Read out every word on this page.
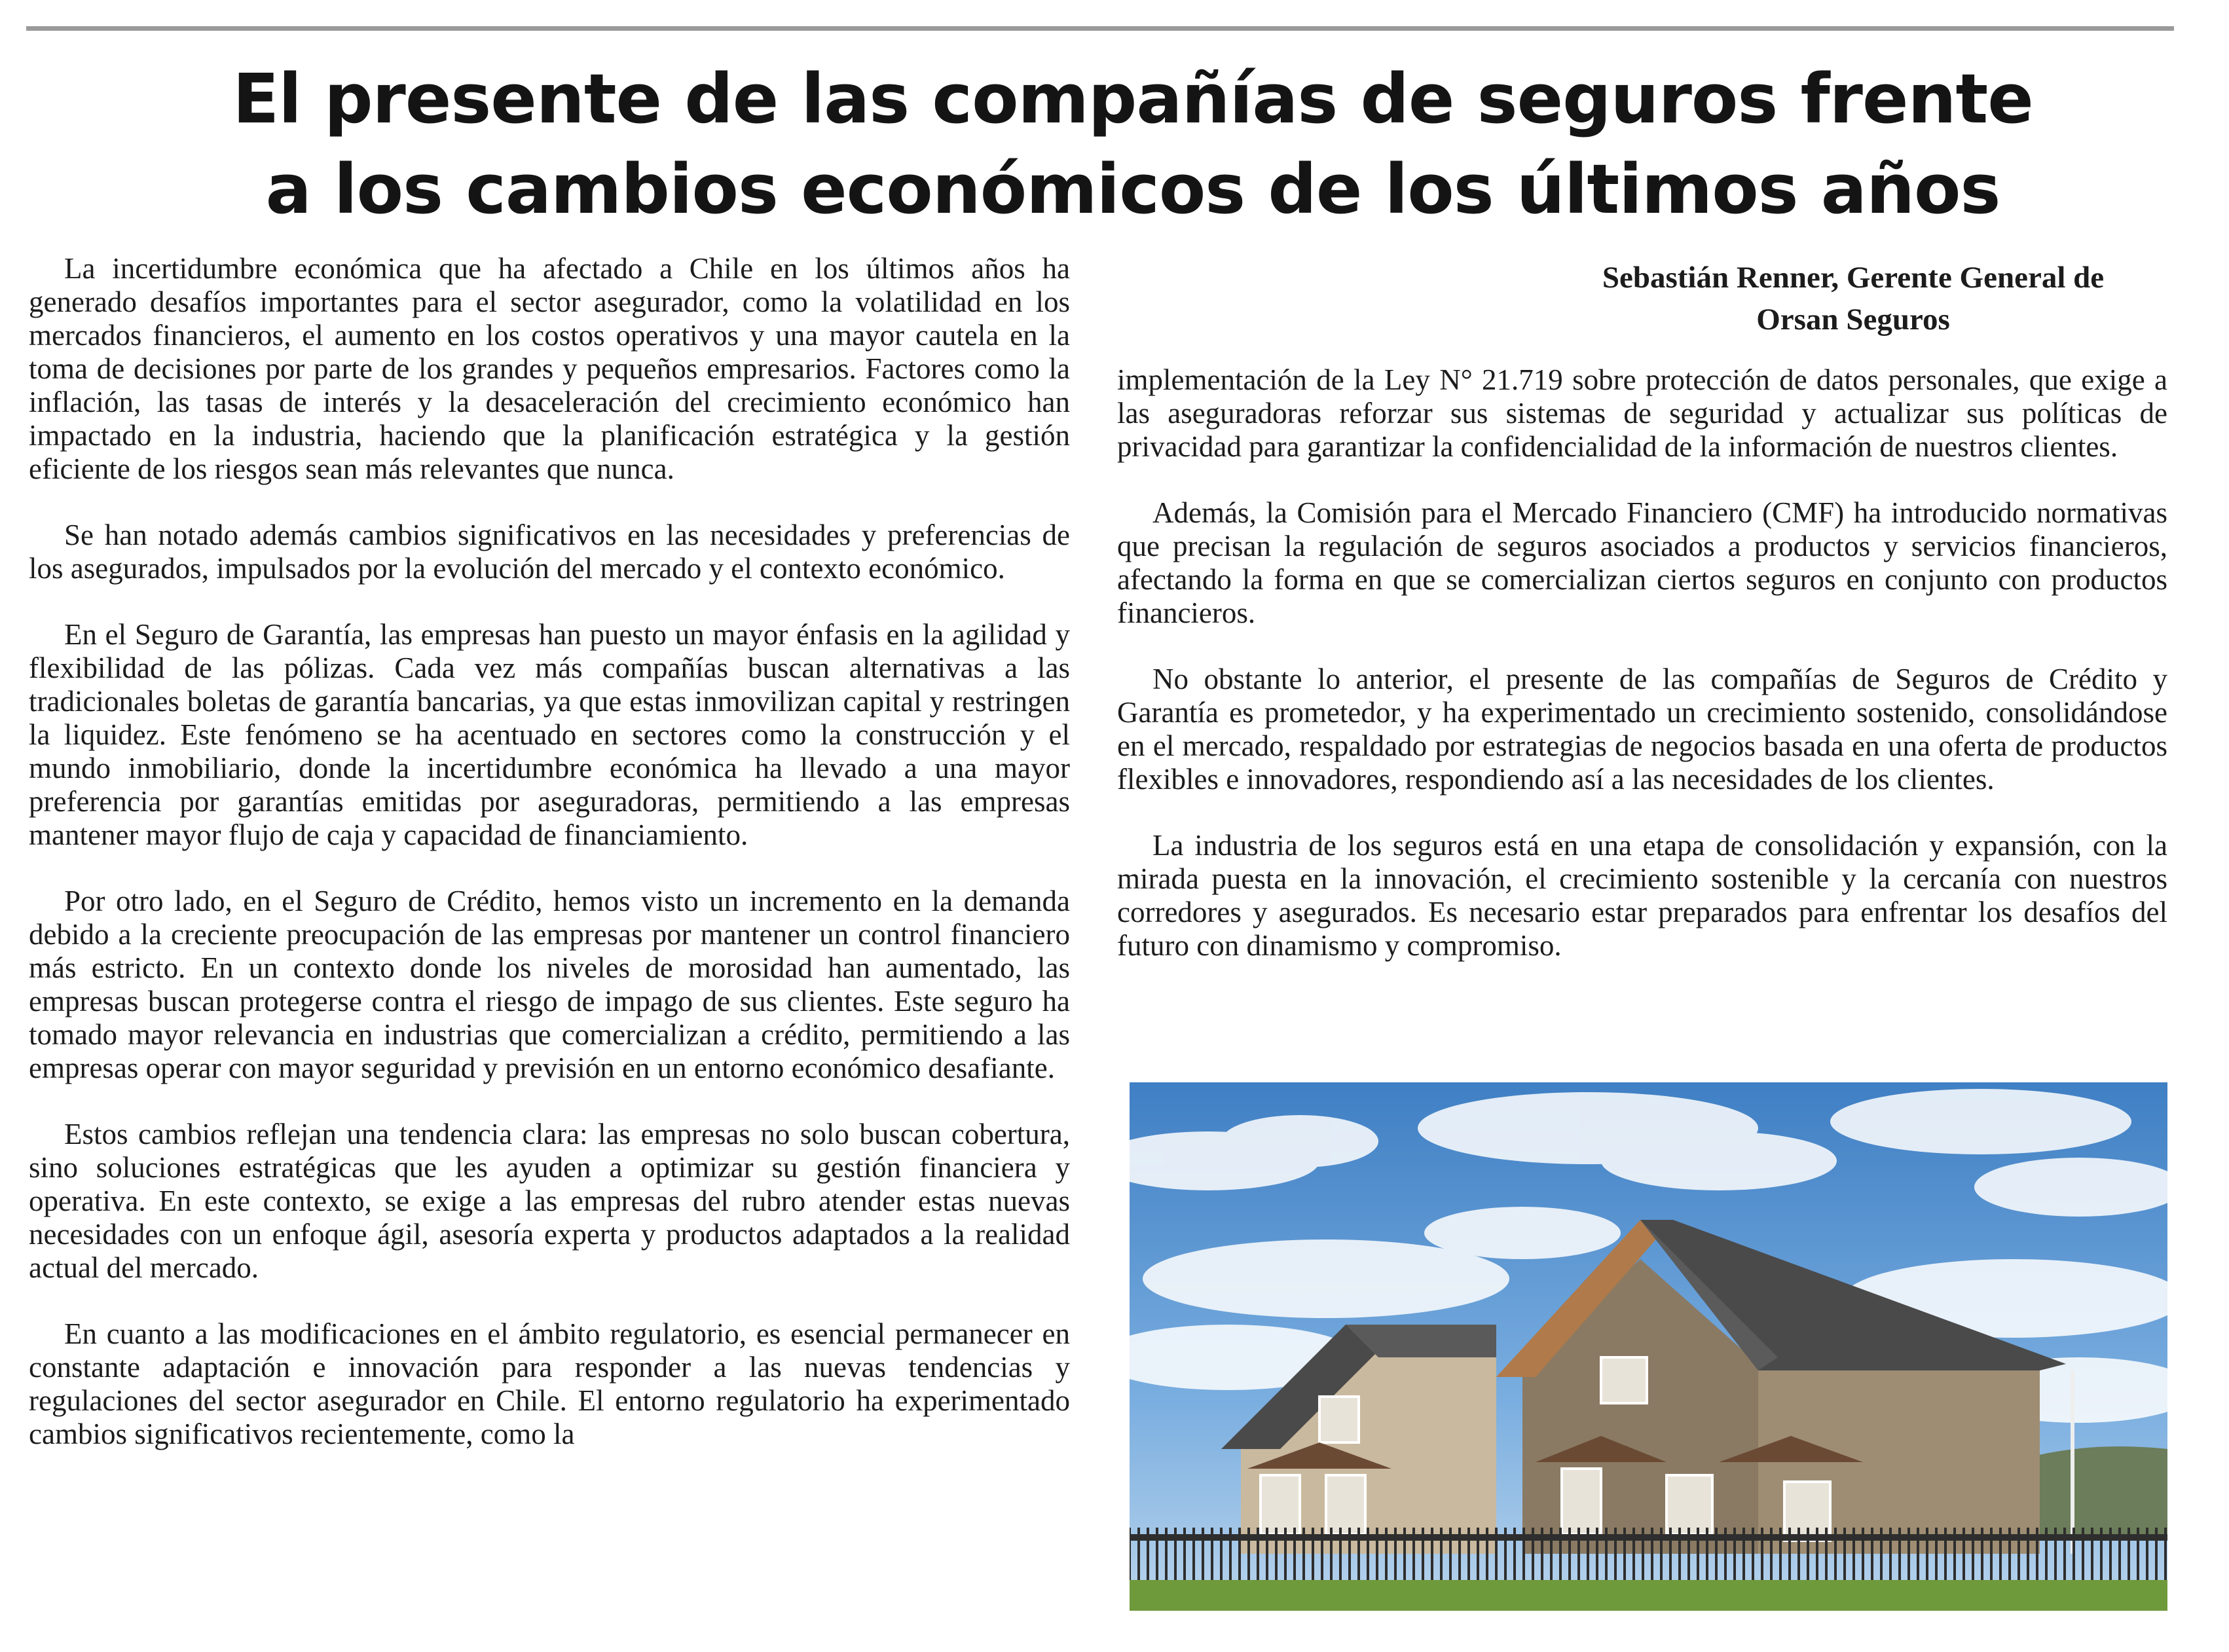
El presente de las compañías de seguros frente
a los cambios económicos de los últimos años

La incertidumbre económica que ha afectado a Chile en los últimos años ha generado desafíos importantes para el sector asegurador, como la volatilidad en los mercados financieros, el aumento en los costos operativos y una mayor cautela en la toma de decisiones por parte de los grandes y pequeños empresarios. Factores como la inflación, las tasas de interés y la desaceleración del crecimiento económico han impactado en la industria, haciendo que la planificación estratégica y la gestión eficiente de los riesgos sean más relevantes que nunca.

Se han notado además cambios significativos en las necesidades y preferencias de los asegurados, impulsados por la evolución del mercado y el contexto económico.

En el Seguro de Garantía, las empresas han puesto un mayor énfasis en la agilidad y flexibilidad de las pólizas. Cada vez más compañías buscan alternativas a las tradicionales boletas de garantía bancarias, ya que estas inmovilizan capital y restringen la liquidez. Este fenómeno se ha acentuado en sectores como la construcción y el mundo inmobiliario, donde la incertidumbre económica ha llevado a una mayor preferencia por garantías emitidas por aseguradoras, permitiendo a las empresas mantener mayor flujo de caja y capacidad de financiamiento.

Por otro lado, en el Seguro de Crédito, hemos visto un incremento en la demanda debido a la creciente preocupación de las empresas por mantener un control financiero más estricto. En un contexto donde los niveles de morosidad han aumentado, las empresas buscan protegerse contra el riesgo de impago de sus clientes. Este seguro ha tomado mayor relevancia en industrias que comercializan a crédito, permitiendo a las empresas operar con mayor seguridad y previsión en un entorno económico desafiante.

Estos cambios reflejan una tendencia clara: las empresas no solo buscan cobertura, sino soluciones estratégicas que les ayuden a optimizar su gestión financiera y operativa. En este contexto, se exige a las empresas del rubro atender estas nuevas necesidades con un enfoque ágil, asesoría experta y productos adaptados a la realidad actual del mercado.

En cuanto a las modificaciones en el ámbito regulatorio, es esencial permanecer en constante adaptación e innovación para responder a las nuevas tendencias y regulaciones del sector asegurador en Chile. El entorno regulatorio ha experimentado cambios significativos recientemente, como la

Sebastián Renner, Gerente General de
Orsan Seguros

implementación de la Ley N° 21.719 sobre protección de datos personales, que exige a las aseguradoras reforzar sus sistemas de seguridad y actualizar sus políticas de privacidad para garantizar la confidencialidad de la información de nuestros clientes.

Además, la Comisión para el Mercado Financiero (CMF) ha introducido normativas que precisan la regulación de seguros asociados a productos y servicios financieros, afectando la forma en que se comercializan ciertos seguros en conjunto con productos financieros.

No obstante lo anterior, el presente de las compañías de Seguros de Crédito y Garantía es prometedor, y ha experimentado un crecimiento sostenido, consolidándose en el mercado, respaldado por estrategias de negocios basada en una oferta de productos flexibles e innovadores, respondiendo así a las necesidades de los clientes.

La industria de los seguros está en una etapa de consolidación y expansión, con la mirada puesta en la innovación, el crecimiento sostenible y la cercanía con nuestros corredores y asegurados. Es necesario estar preparados para enfrentar los desafíos del futuro con dinamismo y compromiso.
